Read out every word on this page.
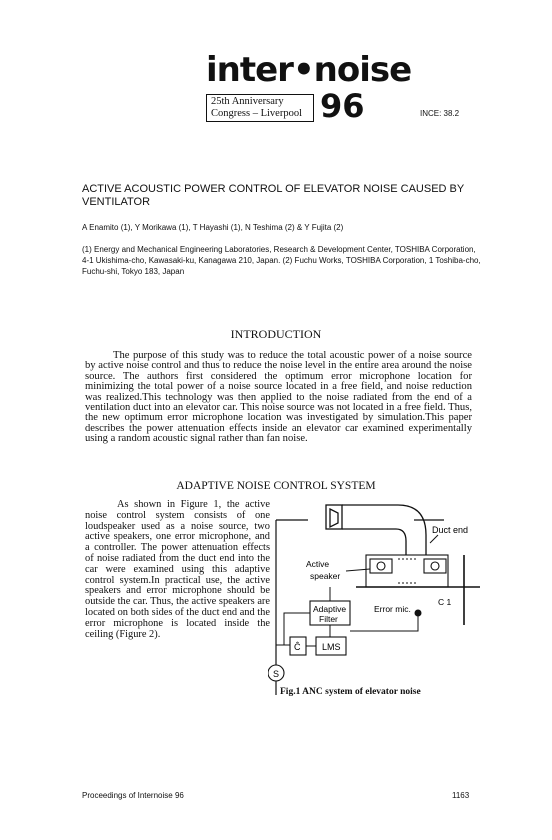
inter•noise
25th Anniversary
Congress – Liverpool 96	INCE: 38.2
ACTIVE ACOUSTIC POWER CONTROL OF ELEVATOR NOISE CAUSED BY VENTILATOR
A Enamito (1), Y Morikawa (1), T Hayashi (1), N Teshima (2) & Y Fujita (2)
(1) Energy and Mechanical Engineering Laboratories, Research & Development Center, TOSHIBA Corporation, 4-1 Ukishima-cho, Kawasaki-ku, Kanagawa 210, Japan. (2) Fuchu Works, TOSHIBA Corporation, 1 Toshiba-cho, Fuchu-shi, Tokyo 183, Japan
INTRODUCTION
The purpose of this study was to reduce the total acoustic power of a noise source by active noise control and thus to reduce the noise level in the entire area around the noise source. The authors first considered the optimum error microphone location for minimizing the total power of a noise source located in a free field, and noise reduction was realized.This technology was then applied to the noise radiated from the end of a ventilation duct into an elevator car. This noise source was not located in a free field. Thus, the new optimum error microphone location was investigated by simulation.This paper describes the power attenuation effects inside an elevator car examined experimentally using a random acoustic signal rather than fan noise.
ADAPTIVE NOISE CONTROL SYSTEM
As shown in Figure 1, the active noise control system consists of one loudspeaker used as a noise source, two active speakers, one error microphone, and a controller. The power attenuation effects of noise radiated from the duct end into the car were examined using this adaptive control system.In practical use, the active speakers and error microphone should be outside the car. Thus, the active speakers are located on both sides of the duct end and the error microphone is located inside the ceiling (Figure 2).
Duct end
Active
speaker
Error mic.
C 1
Adaptive
Filter
Ĉ LMS
S
Fig.1 ANC system of elevator noise
Proceedings of Internoise 96	1163
